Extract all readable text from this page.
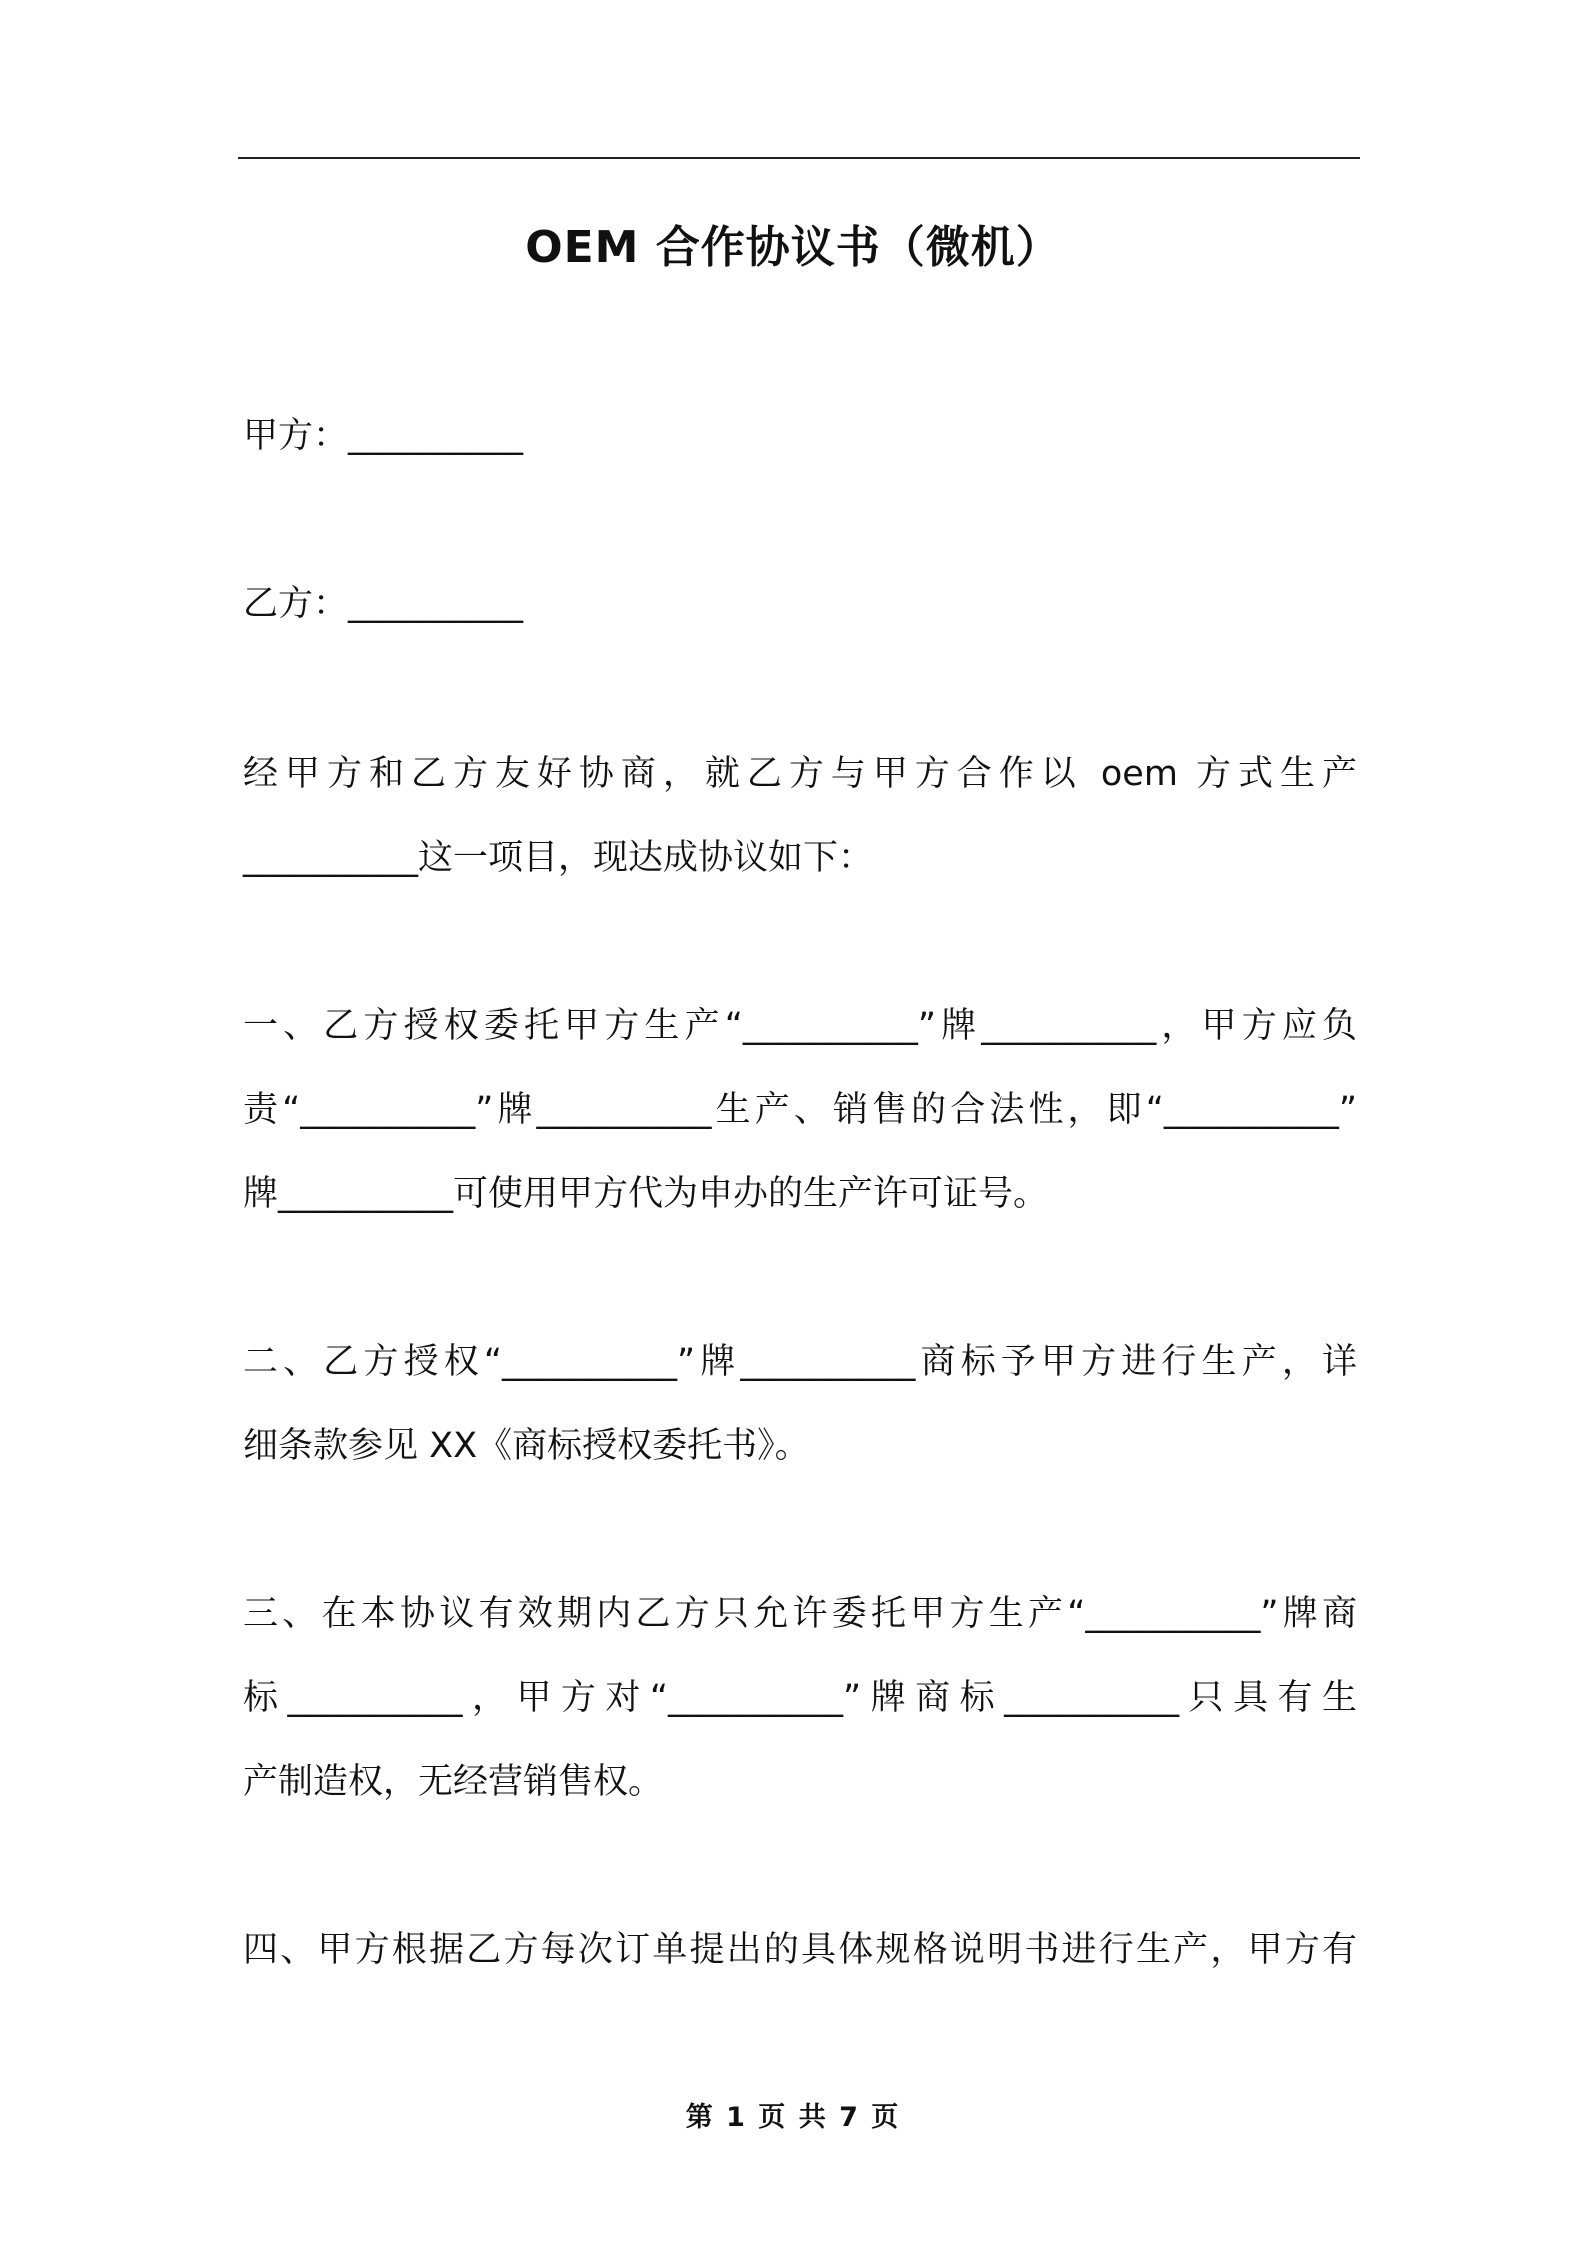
OEM 合作协议书（微机）
甲方：__________
乙方：__________
经甲方和乙方友好协商，就乙方与甲方合作以 oem 方式生产
__________这一项目，现达成协议如下：
一、乙方授权委托甲方生产“__________”牌__________，甲方应负
责“__________”牌__________生产、销售的合法性，即“__________”
牌__________可使用甲方代为申办的生产许可证号。
二、乙方授权“__________”牌__________商标予甲方进行生产，详
细条款参见 XX《商标授权委托书》。
三、在本协议有效期内乙方只允许委托甲方生产“__________”牌商
标__________，甲方对“__________”牌商标__________只具有生
产制造权，无经营销售权。
四、甲方根据乙方每次订单提出的具体规格说明书进行生产，甲方有
第 1 页 共 7 页
